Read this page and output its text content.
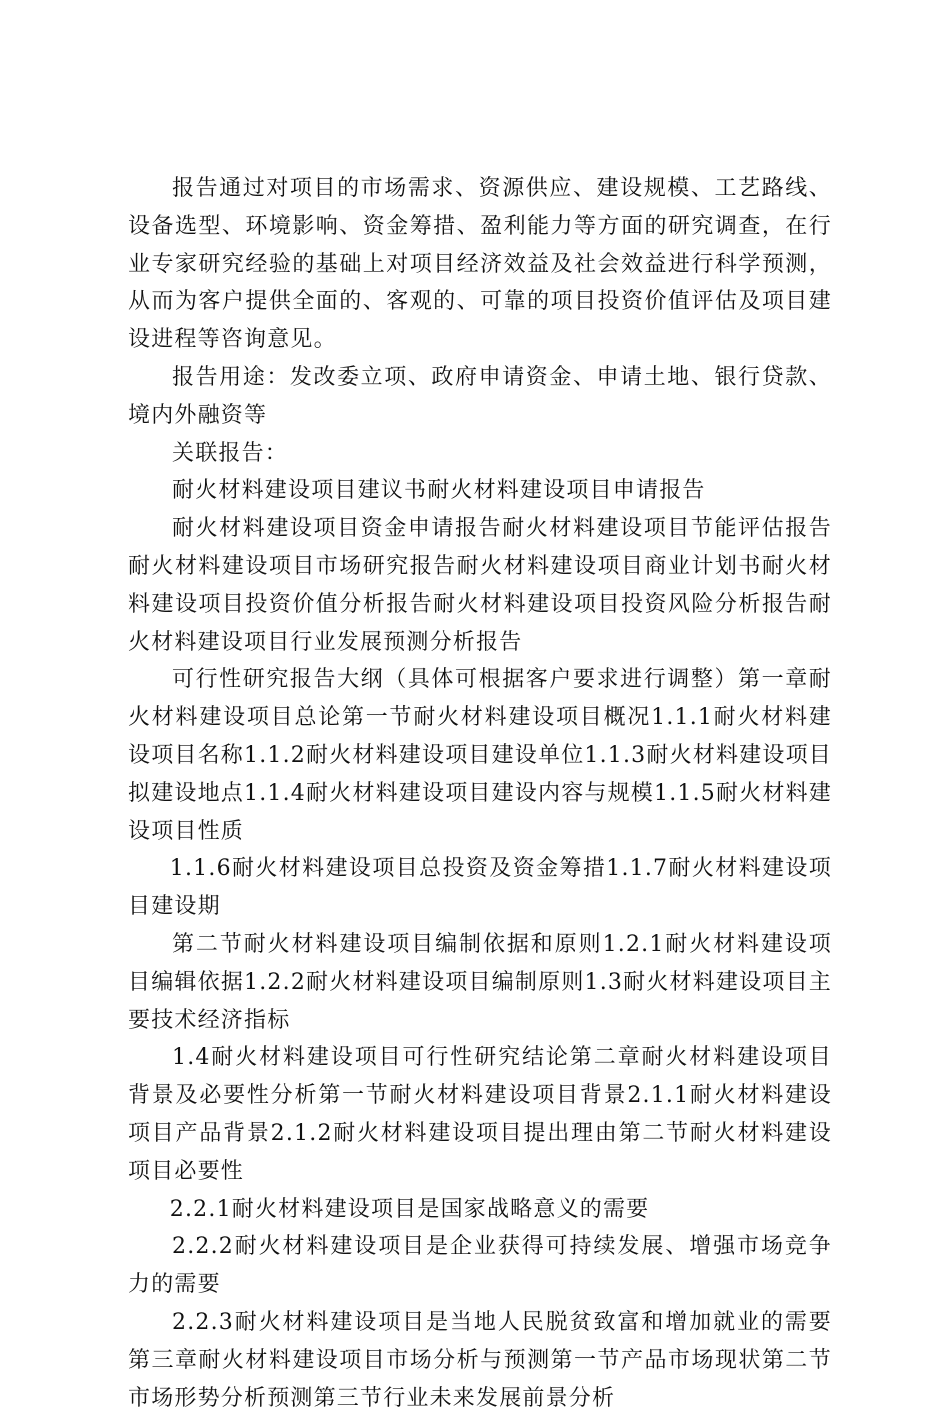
报告通过对项目的市场需求、资源供应、建设规模、工艺路线、设备选型、环境影响、资金筹措、盈利能力等方面的研究调查，在行业专家研究经验的基础上对项目经济效益及社会效益进行科学预测，从而为客户提供全面的、客观的、可靠的项目投资价值评估及项目建设进程等咨询意见。

报告用途：发改委立项、政府申请资金、申请土地、银行贷款、境内外融资等

关联报告：

耐火材料建设项目建议书耐火材料建设项目申请报告

耐火材料建设项目资金申请报告耐火材料建设项目节能评估报告耐火材料建设项目市场研究报告耐火材料建设项目商业计划书耐火材料建设项目投资价值分析报告耐火材料建设项目投资风险分析报告耐火材料建设项目行业发展预测分析报告

可行性研究报告大纲（具体可根据客户要求进行调整）第一章耐火材料建设项目总论第一节耐火材料建设项目概况1.1.1耐火材料建设项目名称1.1.2耐火材料建设项目建设单位1.1.3耐火材料建设项目拟建设地点1.1.4耐火材料建设项目建设内容与规模1.1.5耐火材料建设项目性质

1.1.6耐火材料建设项目总投资及资金筹措1.1.7耐火材料建设项目建设期

第二节耐火材料建设项目编制依据和原则1.2.1耐火材料建设项目编辑依据1.2.2耐火材料建设项目编制原则1.3耐火材料建设项目主要技术经济指标

1.4耐火材料建设项目可行性研究结论第二章耐火材料建设项目背景及必要性分析第一节耐火材料建设项目背景2.1.1耐火材料建设项目产品背景2.1.2耐火材料建设项目提出理由第二节耐火材料建设项目必要性

2.2.1耐火材料建设项目是国家战略意义的需要

2.2.2耐火材料建设项目是企业获得可持续发展、增强市场竞争力的需要

2.2.3耐火材料建设项目是当地人民脱贫致富和增加就业的需要第三章耐火材料建设项目市场分析与预测第一节产品市场现状第二节市场形势分析预测第三节行业未来发展前景分析
